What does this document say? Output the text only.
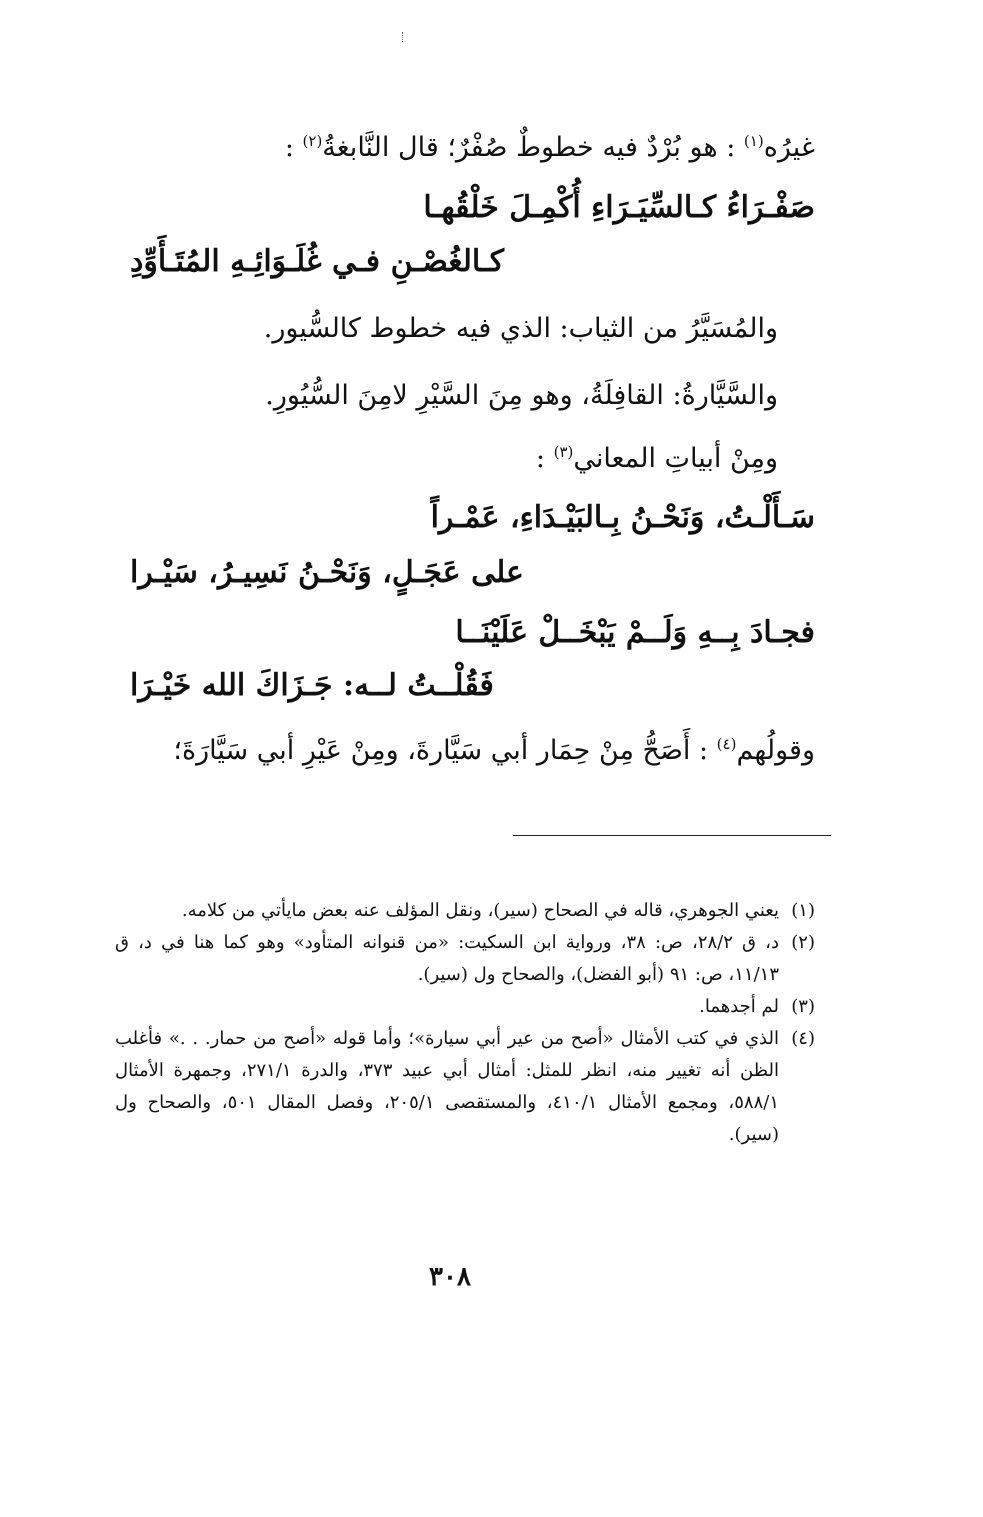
غيرُه$^{(١)}$ : هو بُرْدٌ فيه خطوطٌ صُفْرٌ؛ قال النَّابغةُ$^{(٢)}$ :
صَفْـرَاءُ كـالسِّيَـرَاءِ أُكْمِـلَ خَلْقُهـا
كـالغُصْـنِ فـي غُلَـوَائِـهِ المُتَـأَوِّدِ
والمُسَيَّرُ من الثياب: الذي فيه خطوط كالسُّيور.
والسَّيَّارةُ: القافِلَةُ، وهو مِنَ السَّيْرِ لامِنَ السُّيُورِ.
ومِنْ أبياتِ المعاني$^{(٣)}$ :
سَـأَلْـتُ، وَنَحْـنُ بِـالبَيْـدَاءِ، عَمْـراً
على عَجَـلٍ، وَنَحْـنُ نَسِيـرُ، سَيْـرا
فجـادَ بِــهِ وَلَــمْ يَبْخَــلْ عَلَيْنَــا
فَقُلْــتُ لــه: جَـزَاكَ الله خَيْـرَا
وقولُهم$^{(٤)}$ : أَصَحُّ مِنْ حِمَار أبي سَيَّارةَ، ومِنْ عَيْرِ أبي سَيَّارَةَ؛
(١)
يعني الجوهري، قاله في الصحاح (سير)، ونقل المؤلف عنه بعض مايأتي من كلامه.
(٢)
د، ق ٢٨/٢، ص: ٣٨، ورواية ابن السكيت: «من قنوانه المتأود» وهو كما هنا في د، ق ١١/١٣، ص: ٩١ (أبو الفضل)، والصحاح ول (سير).
(٣)
لم أجدهما.
(٤)
الذي في كتب الأمثال «أصح من عير أبي سيارة»؛ وأما قوله «أصح من حمار. . .» فأغلب الظن أنه تغيير منه، انظر للمثل: أمثال أبي عبيد ٣٧٣، والدرة ٢٧١/١، وجمهرة الأمثال ٥٨٨/١، ومجمع الأمثال ٤١٠/١، والمستقصى ٢٠٥/١، وفصل المقال ٥٠١، والصحاح ول (سير).
٣٠٨
